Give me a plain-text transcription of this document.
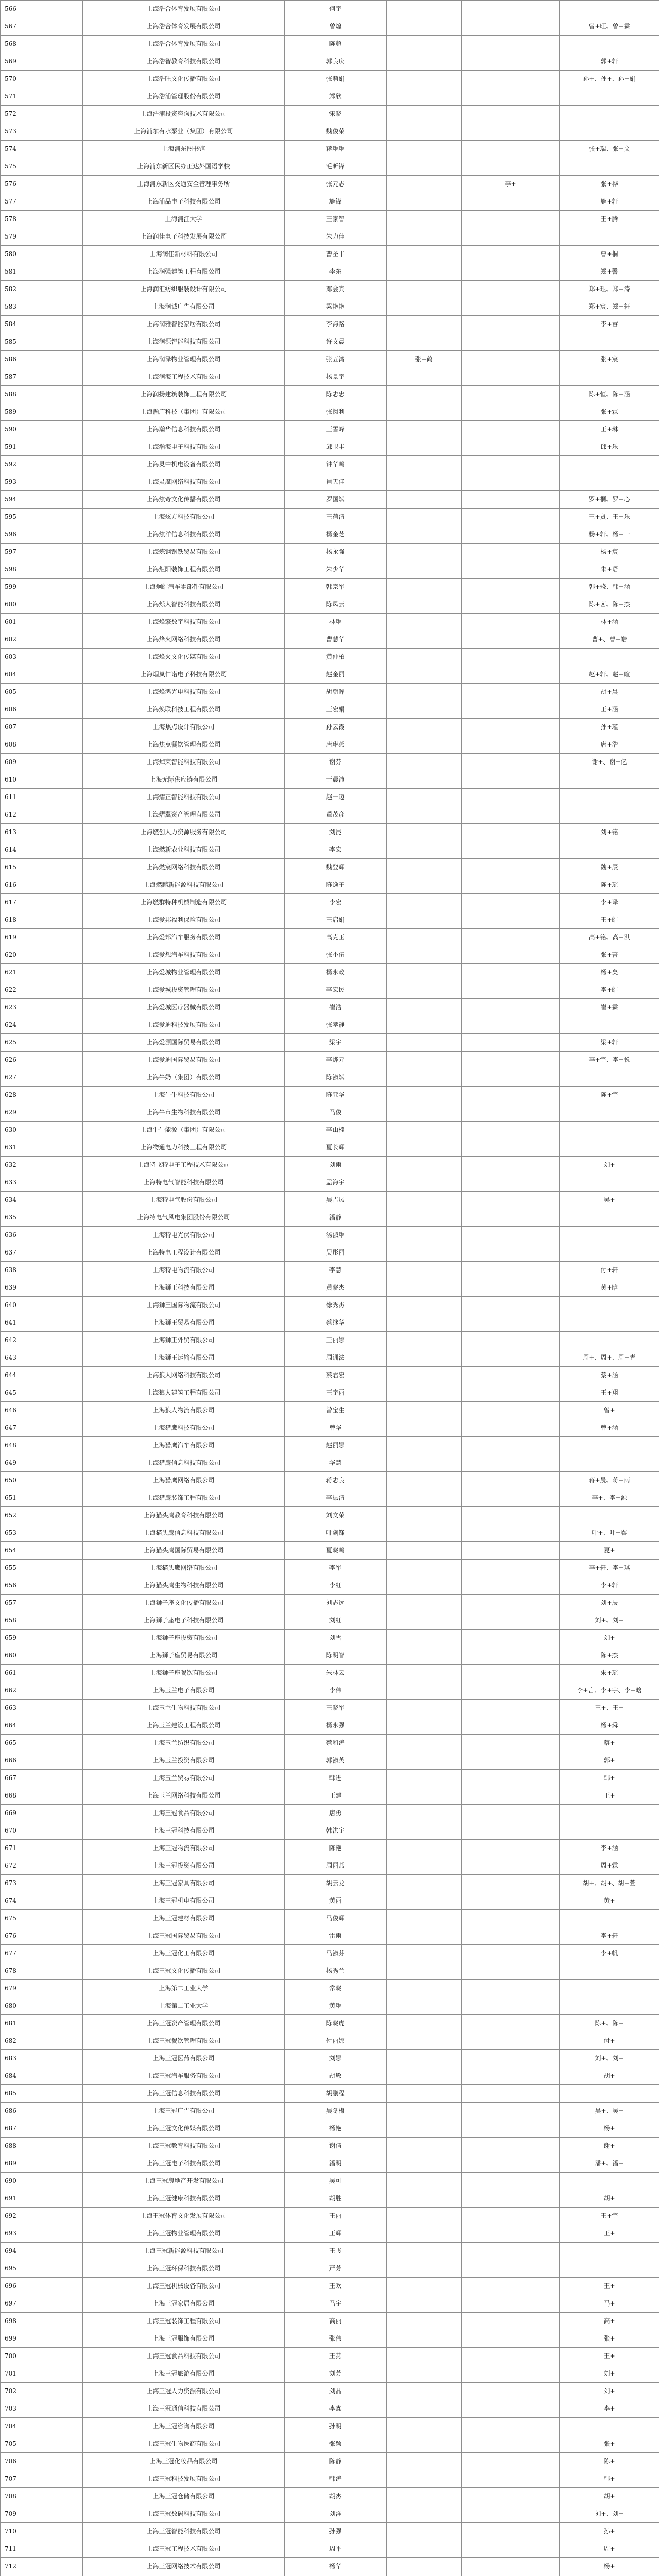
566	上海浩合体育发展有限公司	何宇			
567	上海浩合体育发展有限公司	曾煌			曾+旺、曾+霖
568	上海浩合体育发展有限公司	陈超			
569	上海浩智教育科技有限公司	郭良庆			郭+轩
570	上海浩旺文化传播有限公司	张莉娟			孙+、孙+、孙+娟
571	上海浩浦管理股份有限公司	郑欣			
572	上海浩浦投资咨询技术有限公司	宋晓			
573	上海浦东有水泵业（集团）有限公司	魏俊荣			
574	上海浦东图书馆	蒋琳琳			张+瑞、张+文
575	上海浦东新区民办正达外国语学校	毛昕锋			
576	上海浦东新区交通安全管理事务所	张元志		李+	张+桦
577	上海浦品电子科技有限公司	施锋			施+轩
578	上海浦江大学	王家智			王+腾
579	上海润佳电子科技发展有限公司	朱力佳			
580	上海润佳新材料有限公司	曹圣丰			曹+桐
581	上海润强建筑工程有限公司	李东			郑+馨
582	上海润汇纺织服装设计有限公司	邓会宾			郑+珏、郑+涛
583	上海润诚广告有限公司	梁艳艳			郑+宸、郑+轩
584	上海润雅智能家居有限公司	李海路			李+睿
585	上海润源智能科技有限公司	许文晨			
586	上海润泽物业管理有限公司	张五湾	张+鹤		张+宸
587	上海润海工程技术有限公司	杨景宇			
588	上海润扬建筑装饰工程有限公司	陈志忠			陈+恒、陈+涵
589	上海瀚广科技（集团）有限公司	张闵利			张+霖
590	上海瀚华信息科技有限公司	王雪峰			王+琳
591	上海瀚海电子科技有限公司	邱卫丰			邱+乐
592	上海灵中机电设备有限公司	钟华鸣			
593	上海灵魔网络科技有限公司	肖天佳			
594	上海炫奇文化传播有限公司	罗国斌			罗+桐、罗+心
595	上海炫方科技有限公司	王荷清			王+贤、王+乐
596	上海炫洋信息科技有限公司	杨金芝			杨+轩、杨+一
597	上海炼钢钢铁贸易有限公司	杨永强			杨+宸
598	上海炬阳装饰工程有限公司	朱少华			朱+语
599	上海炯皓汽车零部件有限公司	韩宗军			韩+骁、韩+涵
600	上海烁人智能科技有限公司	陈凤云			陈+茜、陈+杰
601	上海烽擎数字科技有限公司	林琳			林+涵
602	上海烽火网络科技有限公司	曹慧华			曹+、曹+皓
603	上海烽火文化传媒有限公司	黄仲柏			
604	上海烟岚仁诺电子科技有限公司	赵金丽			赵+轩、赵+暄
605	上海烽鸿光电科技有限公司	胡朝晖			胡+晨
606	上海焕联科技工程有限公司	王宏娟			王+涵
607	上海焦点设计有限公司	孙云霞			孙+瑾
608	上海焦点餐饮管理有限公司	唐琳燕			唐+浩
609	上海焯莱智能科技有限公司	谢芬			谢+、谢+亿
610	上海无际供应链有限公司	于晨沛			
611	上海熠正智能科技有限公司	赵一迈			
612	上海熠翼资产管理有限公司	董茂彦			
613	上海燃创人力资源服务有限公司	刘昆			刘+铭
614	上海燃新农业科技有限公司	李宏			
615	上海燃宸网络科技有限公司	魏登辉			魏+辰
616	上海燃鹏新能源科技有限公司	陈逸子			陈+瑶
617	上海燃群特种机械制造有限公司	李宏			李+译
618	上海爱邦福利保险有限公司	王启娟			王+皓
619	上海爱邦汽车服务有限公司	高克玉			高+铭、高+淇
620	上海爱想汽车科技有限公司	张小伍			张+菁
621	上海爱城物业管理有限公司	杨永政			杨+矣
622	上海爱城投资管理有限公司	李宏民			李+皓
623	上海爱城医疗器械有限公司	崔浩			崔+霖
624	上海爱迪科技发展有限公司	张孝静			
625	上海爱源国际贸易有限公司	梁宇			梁+轩
626	上海爱迪国际贸易有限公司	李烨元			李+宇、李+悦
627	上海牛奶（集团）有限公司	陈淑斌			
628	上海牛牛科技有限公司	陈亚华			陈+宇
629	上海牛市生物科技有限公司	马俊			
630	上海牛牛能源（集团）有限公司	李山楠			
631	上海物通电力科技工程有限公司	夏长辉			
632	上海特飞特电子工程技术有限公司	刘雨			刘+
633	上海特电气智能科技有限公司	孟海宇			
634	上海特电气股份有限公司	吴吉凤			吴+
635	上海特电气风电集团股份有限公司	潘静			
636	上海特电光伏有限公司	汤淑琳			
637	上海特电工程设计有限公司	吴彤丽			
638	上海特电物流有限公司	李慧			付+轩
639	上海狮王科技有限公司	黄晓杰			黄+晗
640	上海狮王国际物流有限公司	徐秀杰			
641	上海狮王贸易有限公司	蔡继华			
642	上海狮王外贸有限公司	王丽娜			
643	上海狮王运输有限公司	周训法			周+、周+、周+青
644	上海狼人网络科技有限公司	蔡君宏			蔡+涵
645	上海狼人建筑工程有限公司	王宇丽			王+翔
646	上海狼人物流有限公司	曾宝生			曾+
647	上海猎鹰科技有限公司	曾华			曾+涵
648	上海猎鹰汽车有限公司	赵丽娜			
649	上海猎鹰信息科技有限公司	华慧			
650	上海猎鹰网络有限公司	蒋志良			蒋+晨、蒋+雨
651	上海猎鹰装饰工程有限公司	李振清			李+、李+源
652	上海猫头鹰教育科技有限公司	刘文荣			
653	上海猫头鹰信息科技有限公司	叶剑锋			叶+、叶+睿
654	上海猫头鹰国际贸易有限公司	夏晓鸣			夏+
655	上海猫头鹰网络有限公司	李军			李+轩、李+琪
656	上海猫头鹰生物科技有限公司	李红			李+轩
657	上海狮子座文化传播有限公司	刘志远			刘+辰
658	上海狮子座电子科技有限公司	刘红			刘+、刘+
659	上海狮子座投资有限公司	刘雪			刘+
660	上海狮子座贸易有限公司	陈明智			陈+杰
661	上海狮子座餐饮有限公司	朱林云			朱+瑶
662	上海玉兰电子有限公司	李伟			李+言、李+宇、李+晗
663	上海玉兰生物科技有限公司	王晓军			王+、王+
664	上海玉兰建设工程有限公司	杨永强			杨+舜
665	上海玉兰纺织有限公司	蔡和涛			蔡+
666	上海玉兰投资有限公司	郭淑英			郭+
667	上海玉兰贸易有限公司	韩进			韩+
668	上海玉兰网络科技有限公司	王建			王+
669	上海王冠食品有限公司	唐勇			
670	上海王冠科技有限公司	韩洪宇			
671	上海王冠物流有限公司	陈艳			李+涵
672	上海王冠投资有限公司	周丽燕			周+霖
673	上海王冠家具有限公司	胡云龙			胡+、胡+、胡+萱
674	上海王冠机电有限公司	黄丽			黄+
675	上海王冠建材有限公司	马俊辉			
676	上海王冠国际贸易有限公司	雷雨			李+轩
677	上海王冠化工有限公司	马淑芬			李+帆
678	上海王冠文化传播有限公司	杨秀兰			
679	上海第二工业大学	常晓			
680	上海第二工业大学	黄琳			
681	上海王冠资产管理有限公司	陈晓虎			陈+、陈+
682	上海王冠餐饮管理有限公司	付丽娜			付+
683	上海王冠医药有限公司	刘娜			刘+、刘+
684	上海王冠汽车服务有限公司	胡敏			胡+
685	上海王冠信息科技有限公司	胡鹏程			
686	上海王冠广告有限公司	吴冬梅			吴+、吴+
687	上海王冠文化传媒有限公司	杨艳			杨+
688	上海王冠教育科技有限公司	谢倩			谢+
689	上海王冠电子科技有限公司	潘明			潘+、潘+
690	上海王冠房地产开发有限公司	吴可			
691	上海王冠健康科技有限公司	胡胜			胡+
692	上海王冠体育文化发展有限公司	王丽			王+宇
693	上海王冠物业管理有限公司	王辉			王+
694	上海王冠新能源科技有限公司	王飞			
695	上海王冠环保科技有限公司	严芳			
696	上海王冠机械设备有限公司	王欢			王+
697	上海王冠家居有限公司	马宇			马+
698	上海王冠装饰工程有限公司	高丽			高+
699	上海王冠服饰有限公司	张伟			张+
700	上海王冠食品科技有限公司	王燕			王+
701	上海王冠旅游有限公司	刘芳			刘+
702	上海王冠人力资源有限公司	刘晶			刘+
703	上海王冠通信科技有限公司	李鑫			李+
704	上海王冠咨询有限公司	孙明			
705	上海王冠生物医药有限公司	张颖			张+
706	上海王冠化妆品有限公司	陈静			陈+
707	上海王冠科技发展有限公司	韩涛			韩+
708	上海王冠仓储有限公司	胡杰			胡+
709	上海王冠数码科技有限公司	刘洋			刘+、刘+
710	上海王冠智能科技有限公司	孙强			孙+
711	上海王冠工程技术有限公司	周平			周+
712	上海王冠网络技术有限公司	杨华			杨+
